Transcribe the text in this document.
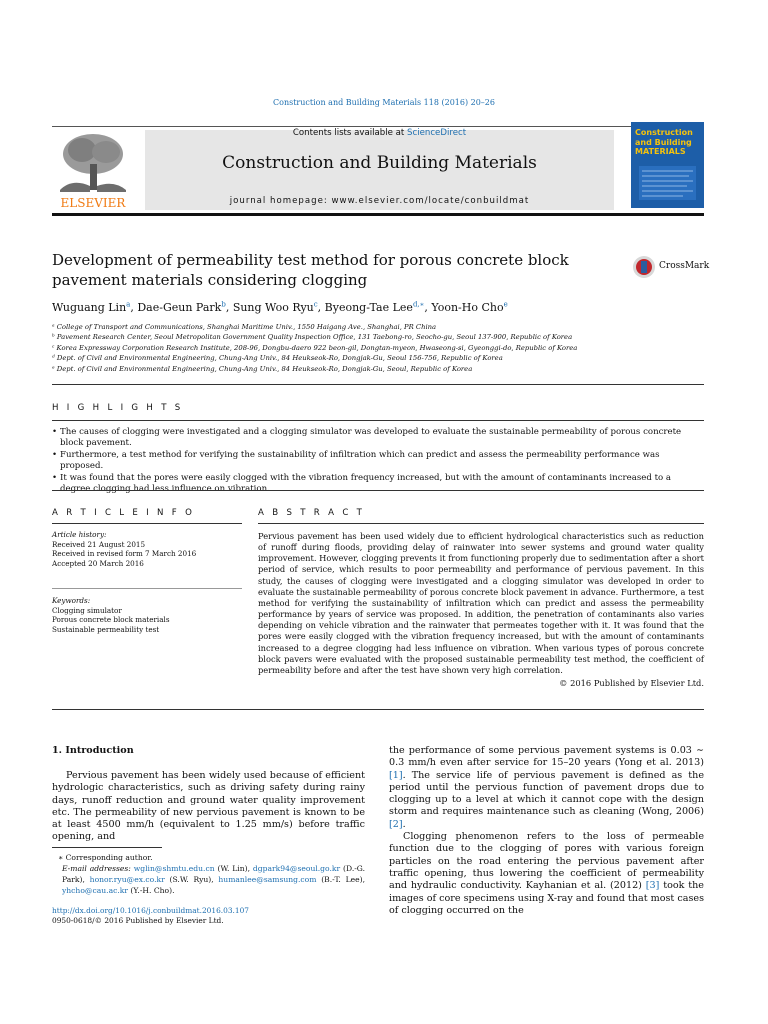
Construction and Building Materials 118 (2016) 20–26
Contents lists available at ScienceDirect
Construction and Building Materials
journal homepage: www.elsevier.com/locate/conbuildmat
ELSEVIER
Construction and Building MATERIALS
Development of permeability test method for porous concrete block pavement materials considering clogging
CrossMark
Wuguang Lin$^a$, Dae-Geun Park$^b$, Sung Woo Ryu$^c$, Byeong-Tae Lee$^{d,∗}$, Yoon-Ho Cho$^e$
ᵃ College of Transport and Communications, Shanghai Maritime Univ., 1550 Haigang Ave., Shanghai, PR China
ᵇ Pavement Research Center, Seoul Metropolitan Government Quality Inspection Office, 131 Taebong-ro, Seocho-gu, Seoul 137-900, Republic of Korea
ᶜ Korea Expressway Corporation Research Institute, 208-96, Dongbu-daero 922 beon-gil, Dongtan-myeon, Hwaseong-si, Gyeonggi-do, Republic of Korea
ᵈ Dept. of Civil and Environmental Engineering, Chung-Ang Univ., 84 Heukseok-Ro, Dongjak-Gu, Seoul 156-756, Republic of Korea
ᵉ Dept. of Civil and Environmental Engineering, Chung-Ang Univ., 84 Heukseok-Ro, Dongjak-Gu, Seoul, Republic of Korea
H I G H L I G H T S
• The causes of clogging were investigated and a clogging simulator was developed to evaluate the sustainable permeability of porous concrete block pavement.
• Furthermore, a test method for verifying the sustainability of infiltration which can predict and assess the permeability performance was proposed.
• It was found that the pores were easily clogged with the vibration frequency increased, but with the amount of contaminants increased to a
A R T I C L E I N F O
Article history:
Received 21 August 2015
Received in revised form 7 March 2016
Accepted 20 March 2016
Keywords:
Clogging simulator
Porous concrete block materials
Sustainable permeability test
A B S T R A C T
Pervious pavement has been used widely due to efficient hydrological characteristics such as reduction of runoff during floods, providing delay of rainwater into sewer systems and ground water quality improvement. However, clogging prevents it from functioning properly due to sedimentation after a short period of service, which results to poor permeability and performance of pervious pavement. In this study, the causes of clogging were investigated and a clogging simulator was developed in order to evaluate the sustainable permeability of porous concrete block pavement in advance. Furthermore, a test method for verifying the sustainability of infiltration which can predict and assess the permeability performance by years of service was proposed. In addition, the penetration of contaminants also varies depending on vehicle vibration and the rainwater that permeates together with it. It was found that the pores were easily clogged with the vibration frequency increased, but with the amount of contaminants increased to a degree clogging had less influence on vibration. When various types of porous concrete block pavers were evaluated with the proposed sustainable permeability test method, the coefficient of permeability before and after the test have shown very high correlation.
© 2016 Published by Elsevier Ltd.
1. Introduction
Pervious pavement has been widely used because of efficient hydrologic characteristics, such as driving safety during rainy days, runoff reduction and ground water quality improvement etc. The permeability of new pervious pavement is known to be at least 4500 mm/h (equivalent to 1.25 mm/s) before traffic opening, and
the performance of some pervious pavement systems is 0.03 ∼ 0.3 mm/h even after service for 15–20 years (Yong et al. 2013) [1]. The service life of pervious pavement is defined as the period until the pervious function of pavement drops due to clogging up to a level at which it cannot cope with the design storm and requires maintenance such as cleaning (Wong, 2006) [2].
Clogging phenomenon refers to the loss of permeable function due to the clogging of pores with various foreign particles on the road entering the pervious pavement after traffic opening, thus lowering the coefficient of permeability and hydraulic conductivity. Kayhanian et al. (2012) [3] took the images of core specimens using X-ray and found that most cases of clogging occurred on the
∗ Corresponding author.
E-mail addresses: wglin@shmtu.edu.cn (W. Lin), dgpark94@seoul.go.kr (D.-G. Park), honor.ryu@ex.co.kr (S.W. Ryu), humanlee@samsung.com (B.-T. Lee), yhcho@cau.ac.kr (Y.-H. Cho).
http://dx.doi.org/10.1016/j.conbuildmat.2016.03.107
0950-0618/© 2016 Published by Elsevier Ltd.
